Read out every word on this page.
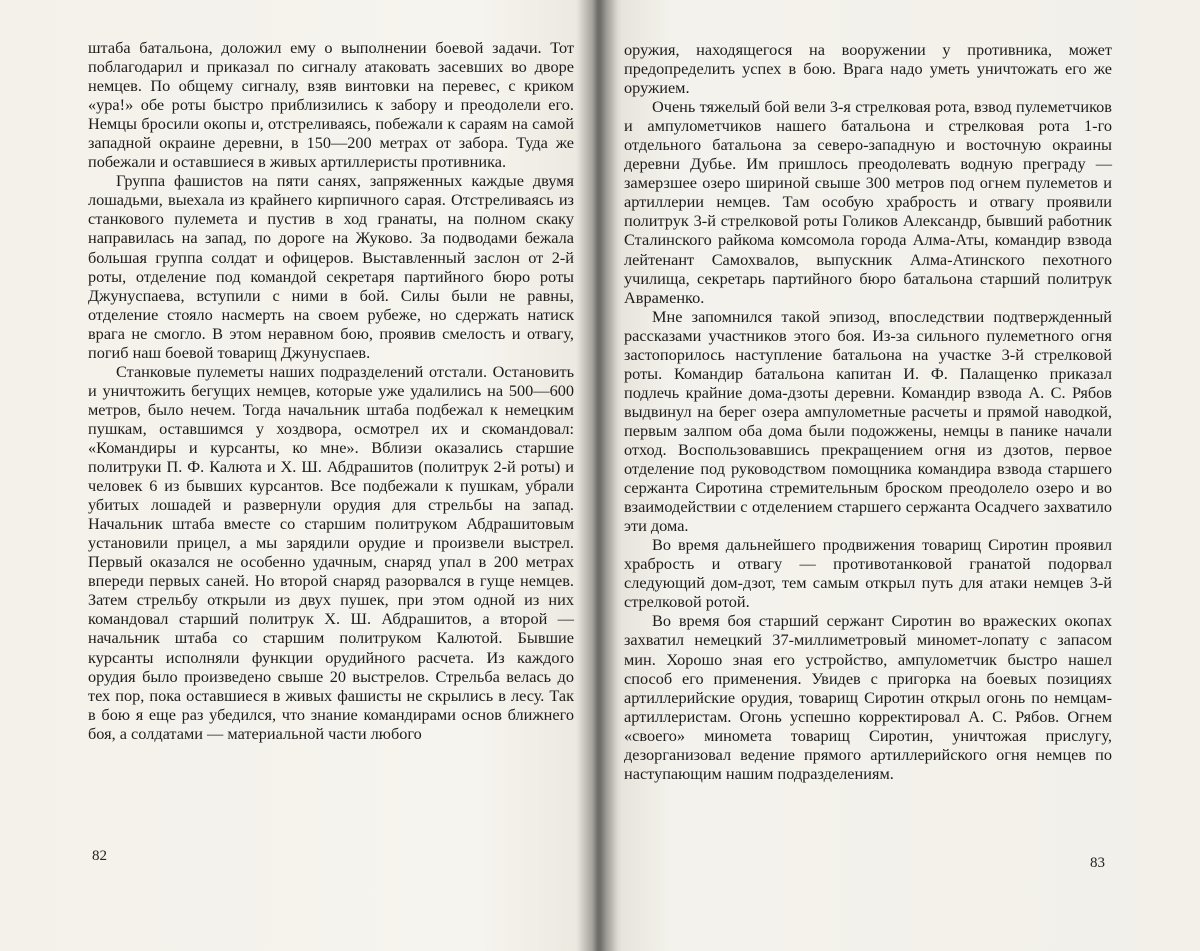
штаба батальона, доложил ему о выполнении боевой задачи. Тот поблагодарил и приказал по сигналу атаковать засевших во дворе немцев. По общему сигналу, взяв винтовки на перевес, с криком «ура!» обе роты быстро приблизились к забору и преодолели его. Немцы бросили окопы и, отстреливаясь, побежали к сараям на самой западной окраине деревни, в 150—200 метрах от забора. Туда же побежали и оставшиеся в живых артиллеристы противника.

Группа фашистов на пяти санях, запряженных каждые двумя лошадьми, выехала из крайнего кирпичного сарая. Отстреливаясь из станкового пулемета и пустив в ход гранаты, на полном скаку направилась на запад, по дороге на Жуково. За подводами бежала большая группа солдат и офицеров. Выставленный заслон от 2-й роты, отделение под командой секретаря партийного бюро роты Джунуспаева, вступили с ними в бой. Силы были не равны, отделение стояло насмерть на своем рубеже, но сдержать натиск врага не смогло. В этом неравном бою, проявив смелость и отвагу, погиб наш боевой товарищ Джунуспаев.

Станковые пулеметы наших подразделений отстали. Остановить и уничтожить бегущих немцев, которые уже удалились на 500—600 метров, было нечем. Тогда начальник штаба подбежал к немецким пушкам, оставшимся у хоздвора, осмотрел их и скомандовал: «Командиры и курсанты, ко мне». Вблизи оказались старшие политруки П. Ф. Калюта и Х. Ш. Абдрашитов (политрук 2-й роты) и человек 6 из бывших курсантов. Все подбежали к пушкам, убрали убитых лошадей и развернули орудия для стрельбы на запад. Начальник штаба вместе со старшим политруком Абдрашитовым установили прицел, а мы зарядили орудие и произвели выстрел. Первый оказался не особенно удачным, снаряд упал в 200 метрах впереди первых саней. Но второй снаряд разорвался в гуще немцев. Затем стрельбу открыли из двух пушек, при этом одной из них командовал старший политрук Х. Ш. Абдрашитов, а второй — начальник штаба со старшим политруком Калютой. Бывшие курсанты исполняли функции орудийного расчета. Из каждого орудия было произведено свыше 20 выстрелов. Стрельба велась до тех пор, пока оставшиеся в живых фашисты не скрылись в лесу. Так в бою я еще раз убедился, что знание командирами основ ближнего боя, а солдатами — материальной части любого

82

оружия, находящегося на вооружении у противника, может предопределить успех в бою. Врага надо уметь уничтожать его же оружием.

Очень тяжелый бой вели 3-я стрелковая рота, взвод пулеметчиков и ампулометчиков нашего батальона и стрелковая рота 1-го отдельного батальона за северо-западную и восточную окраины деревни Дубье. Им пришлось преодолевать водную преграду — замерзшее озеро шириной свыше 300 метров под огнем пулеметов и артиллерии немцев. Там особую храбрость и отвагу проявили политрук 3-й стрелковой роты Голиков Александр, бывший работник Сталинского райкома комсомола города Алма-Аты, командир взвода лейтенант Самохвалов, выпускник Алма-Атинского пехотного училища, секретарь партийного бюро батальона старший политрук Авраменко.

Мне запомнился такой эпизод, впоследствии подтвержденный рассказами участников этого боя. Из-за сильного пулеметного огня застопорилось наступление батальона на участке 3-й стрелковой роты. Командир батальона капитан И. Ф. Палащенко приказал подлечь крайние дома-дзоты деревни. Командир взвода А. С. Рябов выдвинул на берег озера ампулометные расчеты и прямой наводкой, первым залпом оба дома были подожжены, немцы в панике начали отход. Воспользовавшись прекращением огня из дзотов, первое отделение под руководством помощника командира взвода старшего сержанта Сиротина стремительным броском преодолело озеро и во взаимодействии с отделением старшего сержанта Осадчего захватило эти дома.

Во время дальнейшего продвижения товарищ Сиротин проявил храбрость и отвагу — противотанковой гранатой подорвал следующий дом-дзот, тем самым открыл путь для атаки немцев 3-й стрелковой ротой.

Во время боя старший сержант Сиротин во вражеских окопах захватил немецкий 37-миллиметровый миномет-лопату с запасом мин. Хорошо зная его устройство, ампулометчик быстро нашел способ его применения. Увидев с пригорка на боевых позициях артиллерийские орудия, товарищ Сиротин открыл огонь по немцам-артиллеристам. Огонь успешно корректировал А. С. Рябов. Огнем «своего» миномета товарищ Сиротин, уничтожая прислугу, дезорганизовал ведение прямого артиллерийского огня немцев по наступающим нашим подразделениям.

83
